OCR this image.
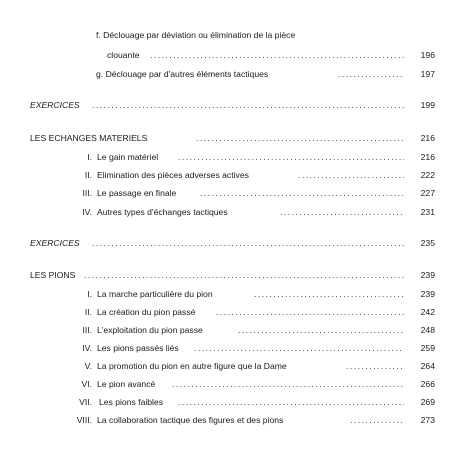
f. Déclouage par déviation ou élimination de la pièce
clouante . . .	196
g. Déclouage par d'autres éléments tactiques . . .	197
EXERCICES . . .	199
LES ECHANGES MATERIELS . . .	216
I. Le gain matériel . . .	216
II. Elimination des pièces adverses actives . . .	222
III. Le passage en finale . . .	227
IV. Autres types d'échanges tactiques . . .	231
EXERCICES . . .	235
LES PIONS . . .	239
I. La marche particulière du pion . . .	239
II. La création du pion passé . . .	242
III. L'exploitation du pion passe . . .	248
IV. Les pions passés liés . . .	259
V. La promotion du pion en autre figure que la Dame . . .	264
VI. Le pion avancé . . .	266
VII. Les pions faibles . . .	269
VIII. La collaboration tactique des figures et des pions . . .	273
